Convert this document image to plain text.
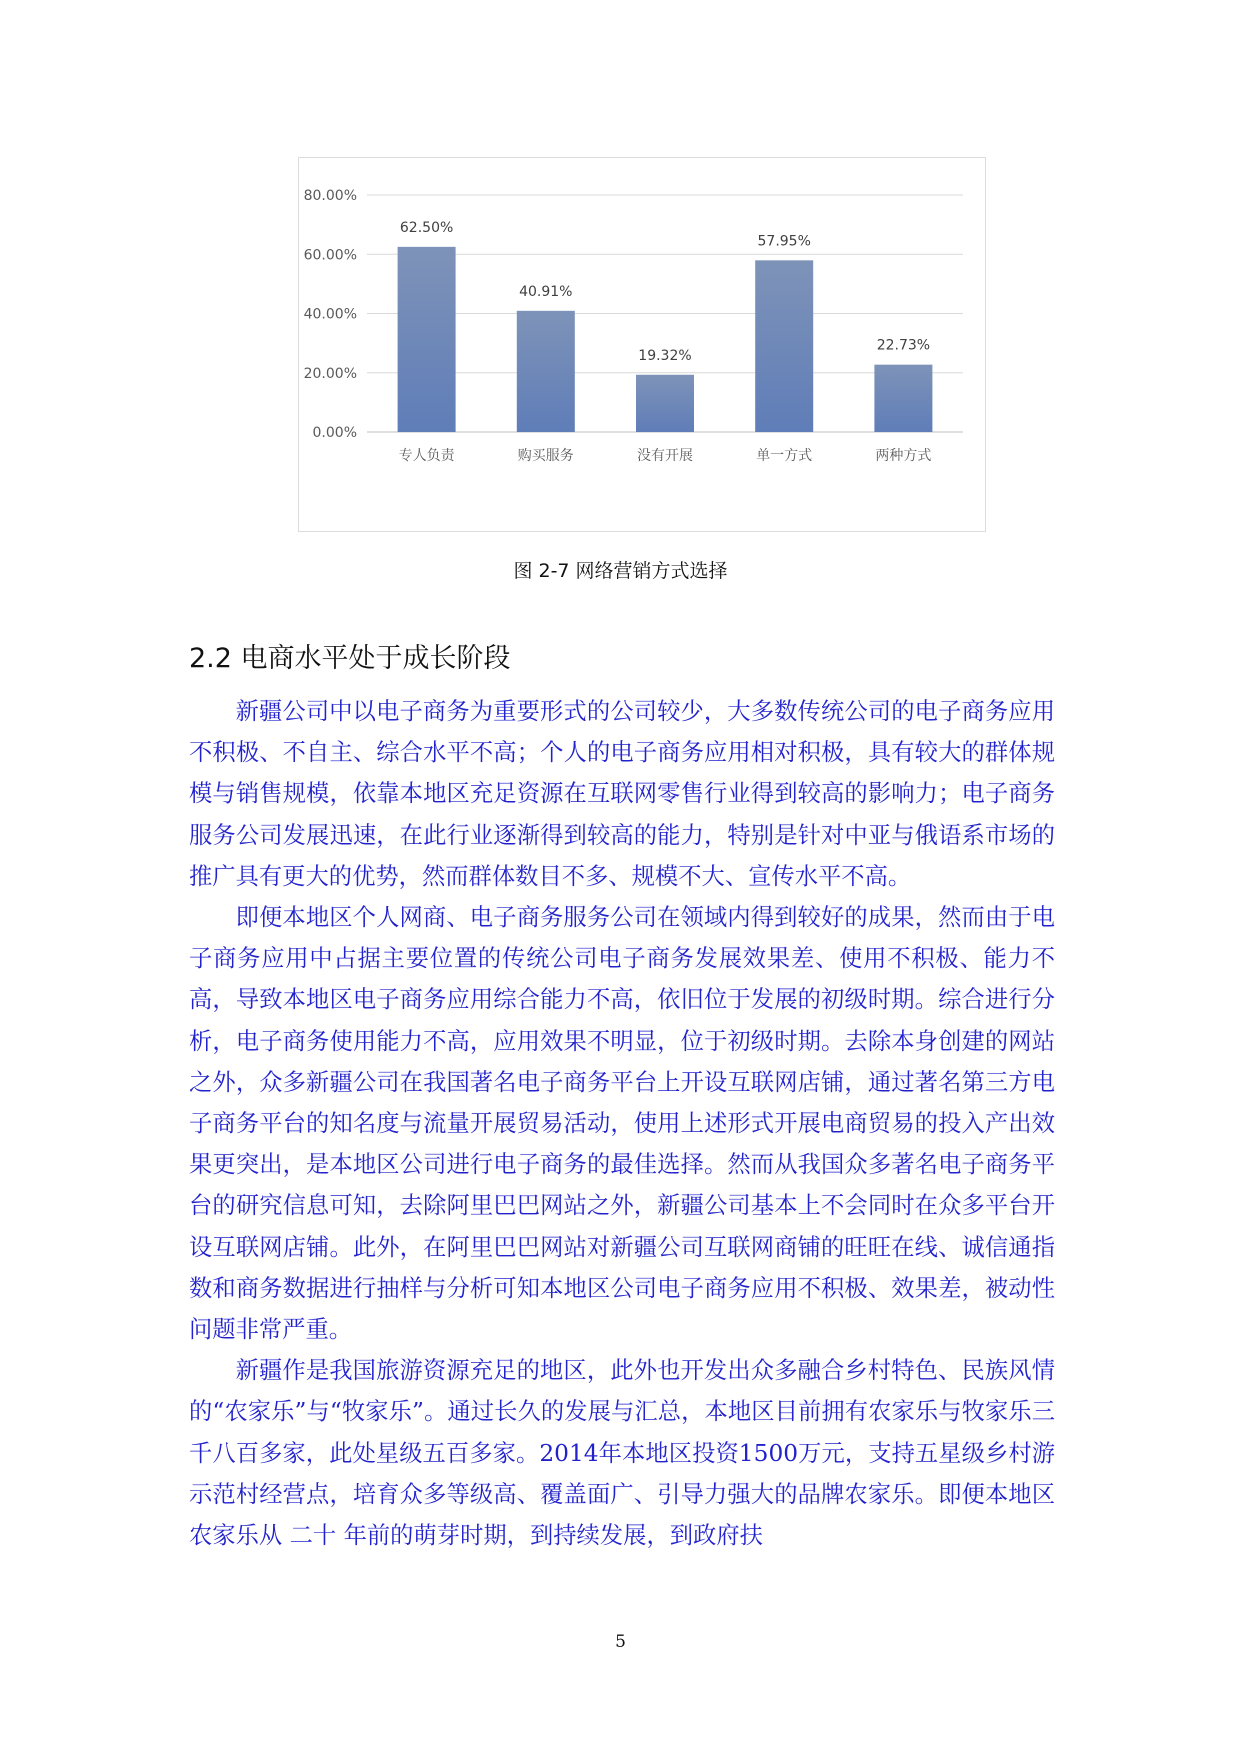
0.00%
20.00%
40.00%
60.00%
80.00%
62.50%
40.91%
19.32%
57.95%
22.73%
专人负责	购买服务	没有开展	单一方式	两种方式
图 2-7 网络营销方式选择
2.2 电商水平处于成长阶段

新疆公司中以电子商务为重要形式的公司较少，大多数传统公司的电子商务应用不积极、不自主、综合水平不高；个人的电子商务应用相对积极，具有较大的群体规模与销售规模，依靠本地区充足资源在互联网零售行业得到较高的影响力；电子商务服务公司发展迅速，在此行业逐渐得到较高的能力，特别是针对中亚与俄语系市场的推广具有更大的优势，然而群体数目不多、规模不大、宣传水平不高。

即便本地区个人网商、电子商务服务公司在领域内得到较好的成果，然而由于电子商务应用中占据主要位置的传统公司电子商务发展效果差、使用不积极、能力不高，导致本地区电子商务应用综合能力不高，依旧位于发展的初级时期。综合进行分析，电子商务使用能力不高，应用效果不明显，位于初级时期。去除本身创建的网站之外，众多新疆公司在我国著名电子商务平台上开设互联网店铺，通过著名第三方电子商务平台的知名度与流量开展贸易活动，使用上述形式开展电商贸易的投入产出效果更突出，是本地区公司进行电子商务的最佳选择。然而从我国众多著名电子商务平台的研究信息可知，去除阿里巴巴网站之外，新疆公司基本上不会同时在众多平台开设互联网店铺。此外，在阿里巴巴网站对新疆公司互联网商铺的旺旺在线、诚信通指数和商务数据进行抽样与分析可知本地区公司电子商务应用不积极、效果差，被动性问题非常严重。

新疆作是我国旅游资源充足的地区，此外也开发出众多融合乡村特色、民族风情的“农家乐”与“牧家乐”。通过长久的发展与汇总，本地区目前拥有农家乐与牧家乐三千八百多家，此处星级五百多家。2014年本地区投资1500万元，支持五星级乡村游示范村经营点，培育众多等级高、覆盖面广、引导力强大的品牌农家乐。即便本地区农家乐从 二十 年前的萌芽时期，到持续发展，到政府扶

5
